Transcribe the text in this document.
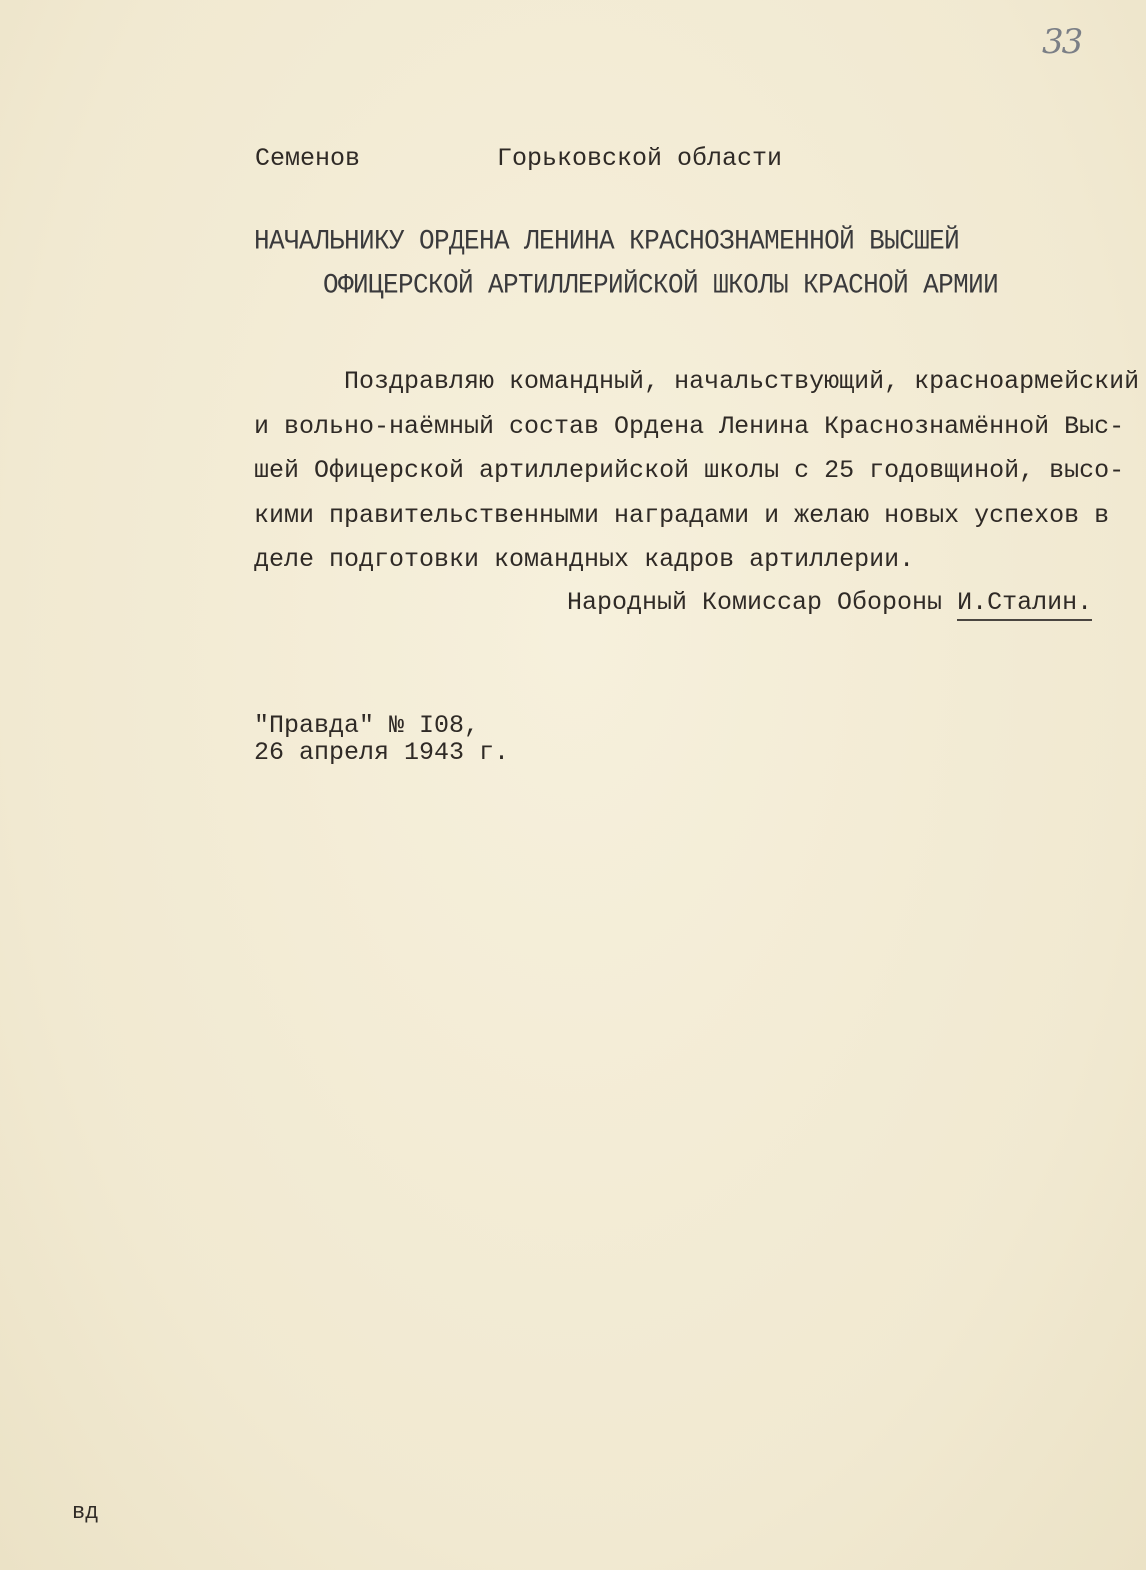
33
Семенов	Горьковской области
НАЧАЛЬНИКУ ОРДЕНА ЛЕНИНА КРАСНОЗНАМЕННОЙ ВЫСШЕЙ
ОФИЦЕРСКОЙ АРТИЛЛЕРИЙСКОЙ ШКОЛЫ КРАСНОЙ АРМИИ
Поздравляю командный, начальствующий, красноармейский
и вольно-наёмный состав Ордена Ленина Краснознамённой Выс-
шей Офицерской артиллерийской школы с 25 годовщиной, высо-
кими правительственными наградами и желаю новых успехов в
деле подготовки командных кадров артиллерии.
Народный Комиссар Обороны И.Сталин.
"Правда" № I08,
26 апреля 1943 г.
вд
